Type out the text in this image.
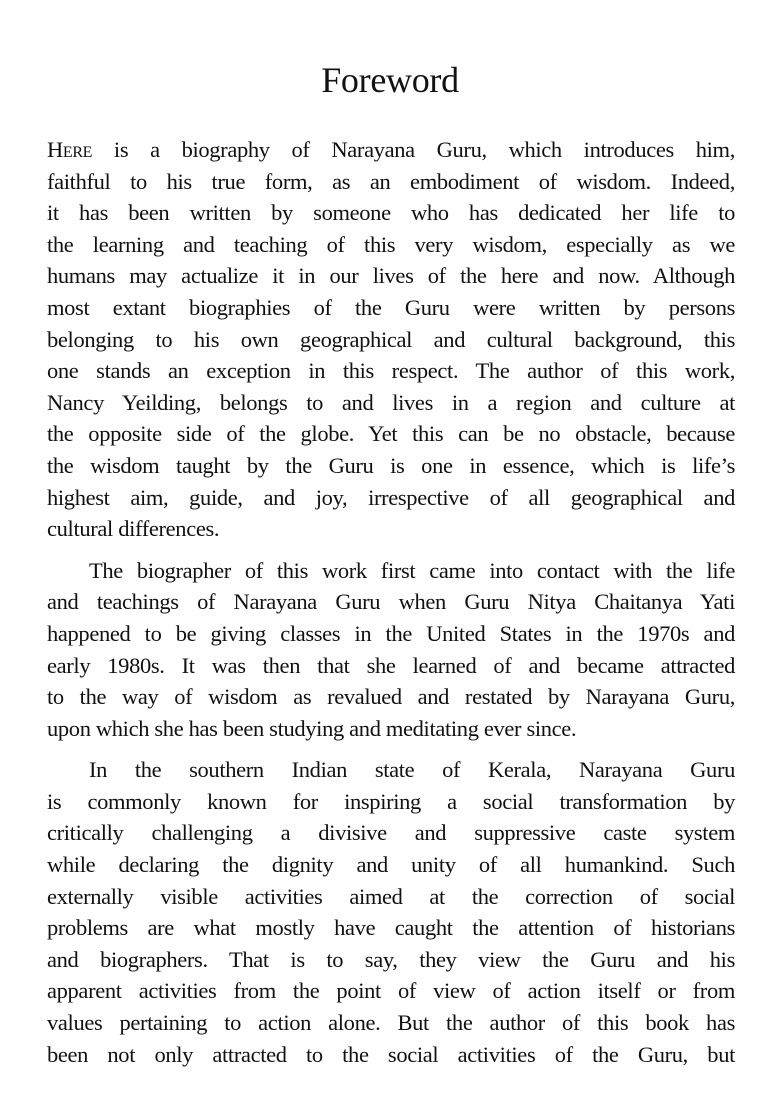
Foreword
Here is a biography of Narayana Guru, which introduces him,
faithful to his true form, as an embodiment of wisdom. Indeed,
it has been written by someone who has dedicated her life to
the learning and teaching of this very wisdom, especially as we
humans may actualize it in our lives of the here and now. Although
most extant biographies of the Guru were written by persons
belonging to his own geographical and cultural background, this
one stands an exception in this respect. The author of this work,
Nancy Yeilding, belongs to and lives in a region and culture at
the opposite side of the globe. Yet this can be no obstacle, because
the wisdom taught by the Guru is one in essence, which is life’s
highest aim, guide, and joy, irrespective of all geographical and
cultural differences.
The biographer of this work first came into contact with the life
and teachings of Narayana Guru when Guru Nitya Chaitanya Yati
happened to be giving classes in the United States in the 1970s and
early 1980s. It was then that she learned of and became attracted
to the way of wisdom as revalued and restated by Narayana Guru,
upon which she has been studying and meditating ever since.
In the southern Indian state of Kerala, Narayana Guru
is commonly known for inspiring a social transformation by
critically challenging a divisive and suppressive caste system
while declaring the dignity and unity of all humankind. Such
externally visible activities aimed at the correction of social
problems are what mostly have caught the attention of historians
and biographers. That is to say, they view the Guru and his
apparent activities from the point of view of action itself or from
values pertaining to action alone. But the author of this book has
been not only attracted to the social activities of the Guru, but
